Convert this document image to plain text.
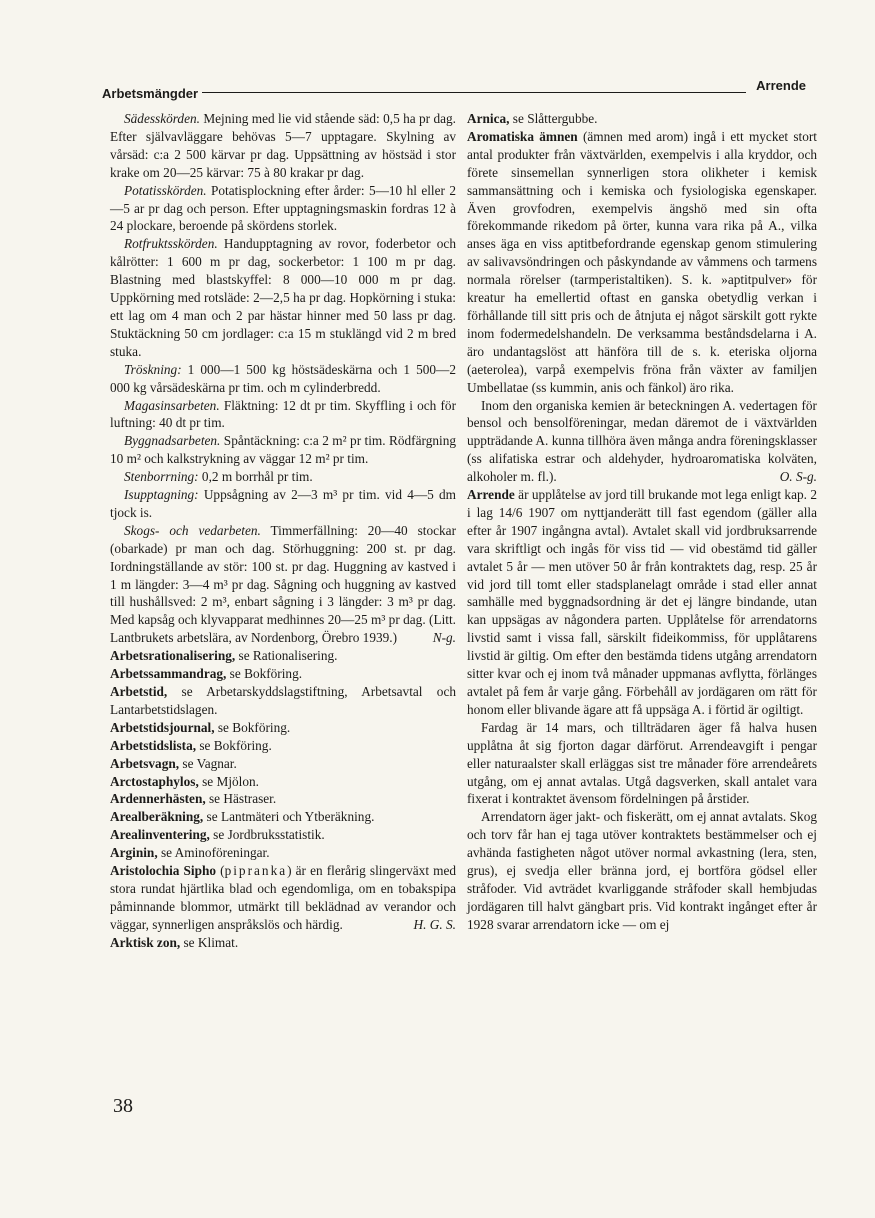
Arbetsmängder
Arrende

Sädesskörden. Mejning med lie vid stående säd: 0,5 ha pr dag. Efter självavläggare behövas 5—7 upptagare. Skylning av vårsäd: c:a 2 500 kärvar pr dag. Uppsättning av höstsäd i stor krake om 20—25 kärvar: 75 à 80 krakar pr dag.

Potatisskörden. Potatisplockning efter årder: 5—10 hl eller 2—5 ar pr dag och person. Efter upptagningsmaskin fordras 12 à 24 plockare, beroende på skördens storlek.

Rotfruktsskörden. Handupptagning av rovor, foderbetor och kålrötter: 1 600 m pr dag, sockerbetor: 1 100 m pr dag. Blastning med blastskyffel: 8 000—10 000 m pr dag. Uppkörning med rotsläde: 2—2,5 ha pr dag. Hopkörning i stuka: ett lag om 4 man och 2 par hästar hinner med 50 lass pr dag. Stuktäckning 50 cm jordlager: c:a 15 m stuklängd vid 2 m bred stuka.

Tröskning: 1 000—1 500 kg höstsädeskärna och 1 500—2 000 kg vårsädeskärna pr tim. och m cylinderbredd.

Magasinsarbeten. Fläktning: 12 dt pr tim. Skyffling i och för luftning: 40 dt pr tim.

Byggnadsarbeten. Spåntäckning: c:a 2 m² pr tim. Rödfärgning 10 m² och kalkstrykning av väggar 12 m² pr tim.

Stenborrning: 0,2 m borrhål pr tim.

Isupptagning: Uppsågning av 2—3 m³ pr tim. vid 4—5 dm tjock is.

Skogs- och vedarbeten. Timmerfällning: 20—40 stockar (obarkade) pr man och dag. Störhuggning: 200 st. pr dag. Iordningställande av stör: 100 st. pr dag. Huggning av kastved i 1 m längder: 3—4 m³ pr dag. Sågning och huggning av kastved till hushållsved: 2 m³, enbart sågning i 3 längder: 3 m³ pr dag. Med kapsåg och klyvapparat medhinnes 20—25 m³ pr dag. (Litt. Lantbrukets arbetslära, av Nordenborg, Örebro 1939.)	N-g.

Arbetsrationalisering, se Rationalisering.

Arbetssammandrag, se Bokföring.

Arbetstid, se Arbetarskyddslagstiftning, Arbetsavtal och Lantarbetstidslagen.

Arbetstidsjournal, se Bokföring.

Arbetstidslista, se Bokföring.

Arbetsvagn, se Vagnar.

Arctostaphylos, se Mjölon.

Ardennerhästen, se Hästraser.

Arealberäkning, se Lantmäteri och Ytberäkning.

Arealinventering, se Jordbruksstatistik.

Arginin, se Aminoföreningar.

Aristolochia Sipho (pipranka) är en flerårig slingerväxt med stora rundat hjärtlika blad och egendomliga, om en tobakspipa påminnande blommor, utmärkt till beklädnad av verandor och väggar, synnerligen anspråkslös och härdig.	H. G. S.

Arktisk zon, se Klimat.

Arnica, se Slåttergubbe.

Aromatiska ämnen (ämnen med arom) ingå i ett mycket stort antal produkter från växtvärlden, exempelvis i alla kryddor, och förete sinsemellan synnerligen stora olikheter i kemisk sammansättning och i kemiska och fysiologiska egenskaper. Även grovfodren, exempelvis ängshö med sin ofta förekommande rikedom på örter, kunna vara rika på A., vilka anses äga en viss aptitbefordrande egenskap genom stimulering av salivavsöndringen och påskyndande av våmmens och tarmens normala rörelser (tarmperistaltiken). S. k. »aptitpulver» för kreatur ha emellertid oftast en ganska obetydlig verkan i förhållande till sitt pris och de åtnjuta ej något särskilt gott rykte inom fodermedelshandeln. De verksamma beståndsdelarna i A. äro undantagslöst att hänföra till de s. k. eteriska oljorna (aeterolea), varpå exempelvis fröna från växter av familjen Umbellatae (ss kummin, anis och fänkol) äro rika.

Inom den organiska kemien är beteckningen A. vedertagen för bensol och bensolföreningar, medan däremot de i växtvärlden uppträdande A. kunna tillhöra även många andra föreningsklasser (ss alifatiska estrar och aldehyder, hydroaromatiska kolväten, alkoholer m. fl.).	O. S-g.

Arrende är upplåtelse av jord till brukande mot lega enligt kap. 2 i lag 14/6 1907 om nyttjanderätt till fast egendom (gäller alla efter år 1907 ingångna avtal). Avtalet skall vid jordbruksarrende vara skriftligt och ingås för viss tid — vid obestämd tid gäller avtalet 5 år — men utöver 50 år från kontraktets dag, resp. 25 år vid jord till tomt eller stadsplanelagt område i stad eller annat samhälle med byggnadsordning är det ej längre bindande, utan kan uppsägas av någondera parten. Upplåtelse för arrendatorns livstid samt i vissa fall, särskilt fideikommiss, för upplåtarens livstid är giltig. Om efter den bestämda tidens utgång arrendatorn sitter kvar och ej inom två månader uppmanas avflytta, förlänges avtalet på fem år varje gång. Förbehåll av jordägaren om rätt för honom eller blivande ägare att få uppsäga A. i förtid är ogiltigt.

Fardag är 14 mars, och tillträdaren äger få halva husen upplåtna åt sig fjorton dagar därförut. Arrendeavgift i pengar eller naturaalster skall erläggas sist tre månader före arrendeårets utgång, om ej annat avtalas. Utgå dagsverken, skall antalet vara fixerat i kontraktet ävensom fördelningen på årstider.

Arrendatorn äger jakt- och fiskerätt, om ej annat avtalats. Skog och torv får han ej taga utöver kontraktets bestämmelser och ej avhända fastigheten något utöver normal avkastning (lera, sten, grus), ej svedja eller bränna jord, ej bortföra gödsel eller stråfoder. Vid avträdet kvarliggande stråfoder skall hembjudas jordägaren till halvt gängbart pris. Vid kontrakt ingånget efter år 1928 svarar arrendatorn icke — om ej

38
